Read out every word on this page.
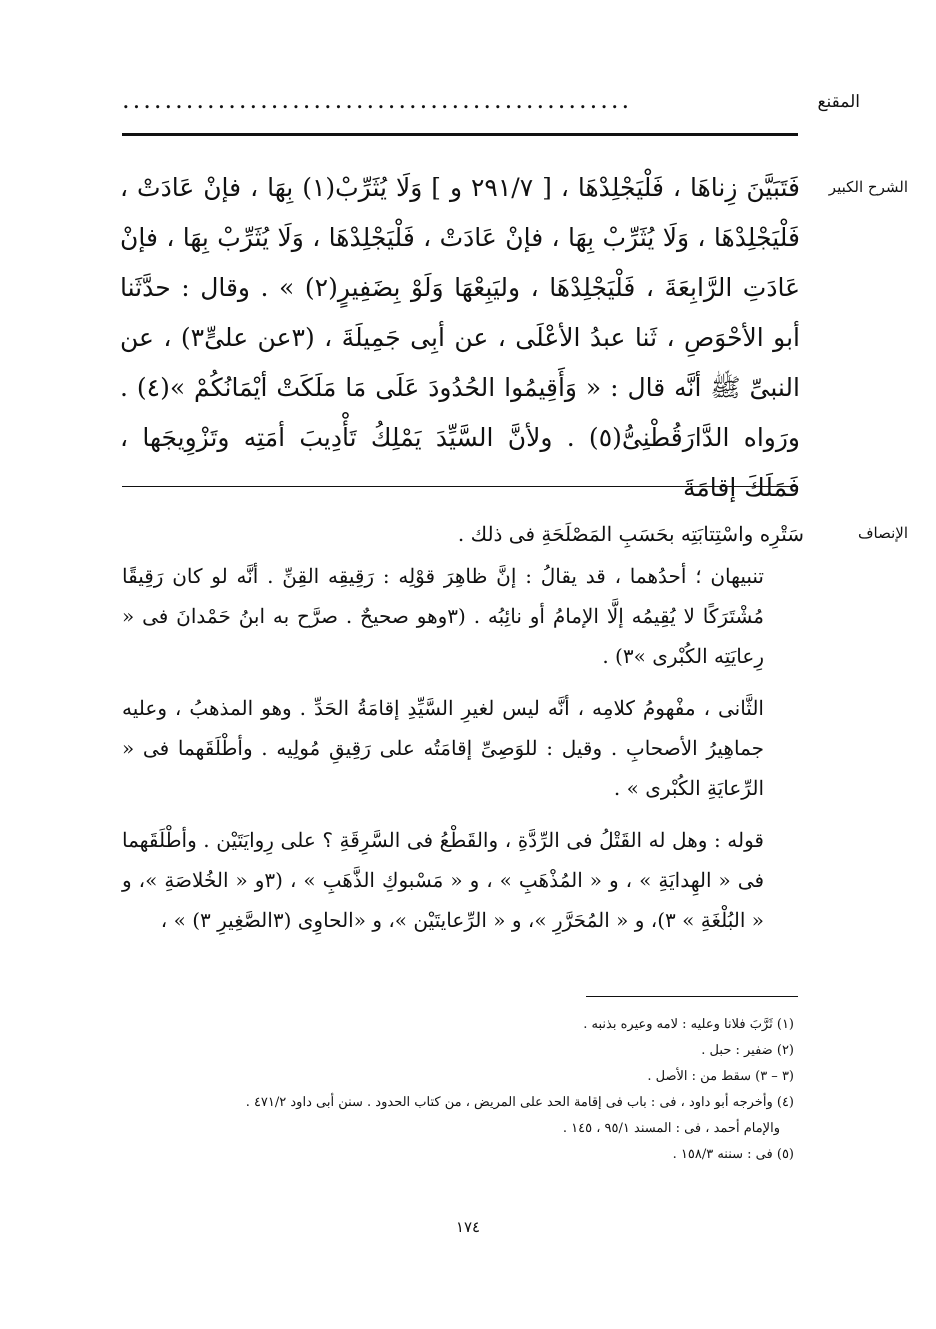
المقنع
................................................
الشرح الكبير
فَتَبَيَّنَ زِناهَا ، فَلْيَجْلِدْهَا ، [ ٢٩١/٧ و ] وَلَا يُثَرِّبْ(١) بِهَا ، فإنْ عَادَتْ ، فَلْيَجْلِدْهَا ، وَلَا يُثَرِّبْ بِهَا ، فإنْ عَادَتْ ، فَلْيَجْلِدْهَا ، وَلَا يُثَرِّبْ بِهَا ، فإنْ عَادَتِ الرَّابِعَةَ ، فَلْيَجْلِدْهَا ، وليَبِعْهَا وَلَوْ بِضَفِيرٍ(٢) » . وقال : حدَّثَنا أبو الأحْوَصِ ، ثَنا عبدُ الأعْلَى ، عن أبِى جَمِيلَةَ ، (٣عن علىٍّ٣) ، عن النبىِّ ﷺ أنَّه قال : « وَأَقِيمُوا الحُدُودَ عَلَى مَا مَلَكَتْ أيْمَانُكُمْ »(٤) . ورَواه الدَّارَقُطْنِىُّ(٥) . ولأنَّ السَّيِّدَ يَمْلِكُ تَأْدِيبَ أمَتِه وتَزْوِيجَها ، فَمَلَكَ إقامَةَ
الإنصاف

سَتْرِه واسْتِتابَتِه بحَسَبِ المَصْلَحَةِ فى ذلك .

تنبيهان ؛ أحدُهما ، قد يقالُ : إنَّ ظاهِرَ قوْلِه : رَقِيقِه القِنِّ . أنَّه لو كان رَقِيقًا مُشْتَرَكًا لا يُقِيمُه إلَّا الإمامُ أو نائِبُه . (٣وهو صحيحٌ . صرَّح به ابنُ حَمْدانَ فى « رِعايَتِه الكُبْرى »٣) .

الثَّانى ، مفْهومُ كلامِه ، أنَّه ليس لغيرِ السَّيِّدِ إقامَةُ الحَدِّ . وهو المذهبُ ، وعليه جماهِيرُ الأصحابِ . وقيل : للوَصِىِّ إقامَتُه على رَقِيقِ مُولِيه . وأطْلَقَهما فى « الرِّعايَةِ الكُبْرى » .

قوله : وهل له القَتْلُ فى الرِّدَّةِ ، والقَطْعُ فى السَّرِقَةِ ؟ على رِوايَتَيْن . وأطْلَقَهما فى « الهِدايَةِ » ، و « المُذْهَبِ » ، و « مَسْبوكِ الذَّهَبِ » ، (٣و « الخُلاصَةِ »، و « البُلْغَةِ » ٣)، و « المُحَرَّرِ »، و « الرِّعايتَيْن »، و «الحاوِى (٣الصَّغِيرِ ٣) » ،

(١) ثَرَّبَ فلانا وعليه : لامه وعيره بذنبه .

(٢) ضفير : حبل .

(٣ – ٣) سقط من : الأصل .

(٤) وأخرجه أبو داود ، فى : باب فى إقامة الحد على المريض ، من كتاب الحدود . سنن أبى داود ٤٧١/٢ .

والإمام أحمد ، فى : المسند ٩٥/١ ، ١٤٥ .

(٥) فى : سننه ١٥٨/٣ .

١٧٤
